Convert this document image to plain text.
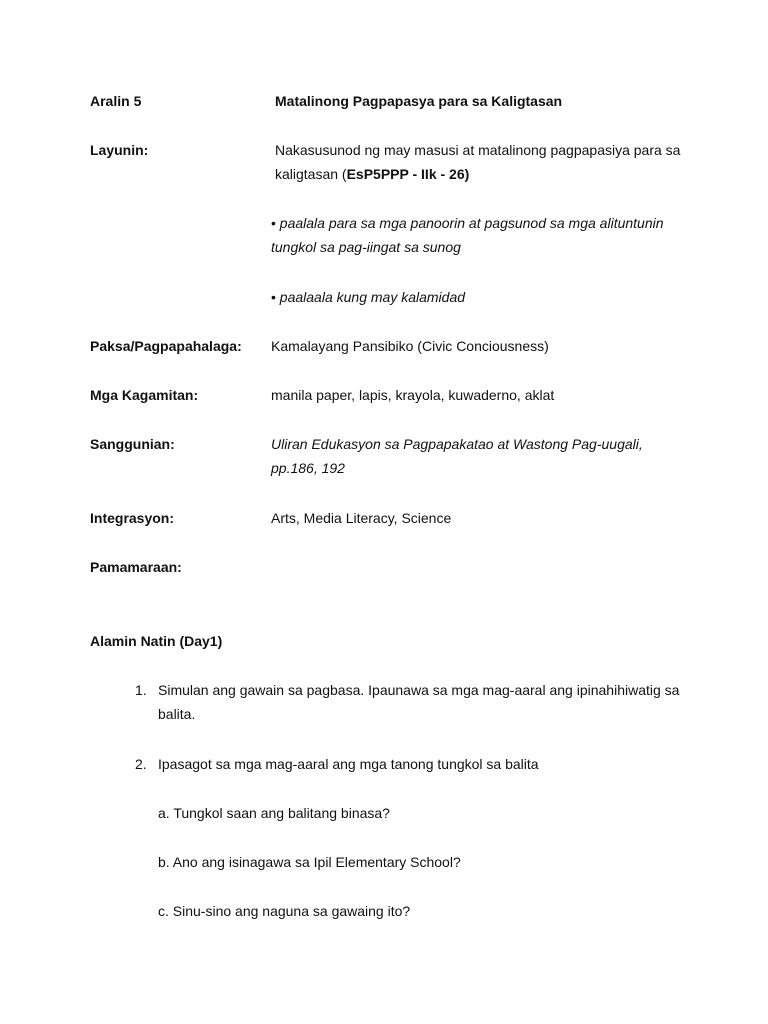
Aralin 5	Matalinong Pagpapasya para sa Kaligtasan
Layunin:	Nakasusunod ng may masusi at matalinong pagpapasiya para sa
kaligtasan (EsP5PPP - IIk - 26)
• paalala para sa mga panoorin at pagsunod sa mga alituntunin
tungkol sa pag-iingat sa sunog
• paalaala kung may kalamidad
Paksa/Pagpapahalaga: Kamalayang Pansibiko (Civic Conciousness)
Mga Kagamitan:	manila paper, lapis, krayola, kuwaderno, aklat
Sanggunian:	Uliran Edukasyon sa Pagpapakatao at Wastong Pag-uugali,
pp.186, 192
Integrasyon:	Arts, Media Literacy, Science
Pamamaraan:
Alamin Natin (Day1)
1. Simulan ang gawain sa pagbasa. Ipaunawa sa mga mag-aaral ang ipinahihiwatig sa
balita.
2. Ipasagot sa mga mag-aaral ang mga tanong tungkol sa balita
a. Tungkol saan ang balitang binasa?
b. Ano ang isinagawa sa Ipil Elementary School?
c. Sinu-sino ang naguna sa gawaing ito?
